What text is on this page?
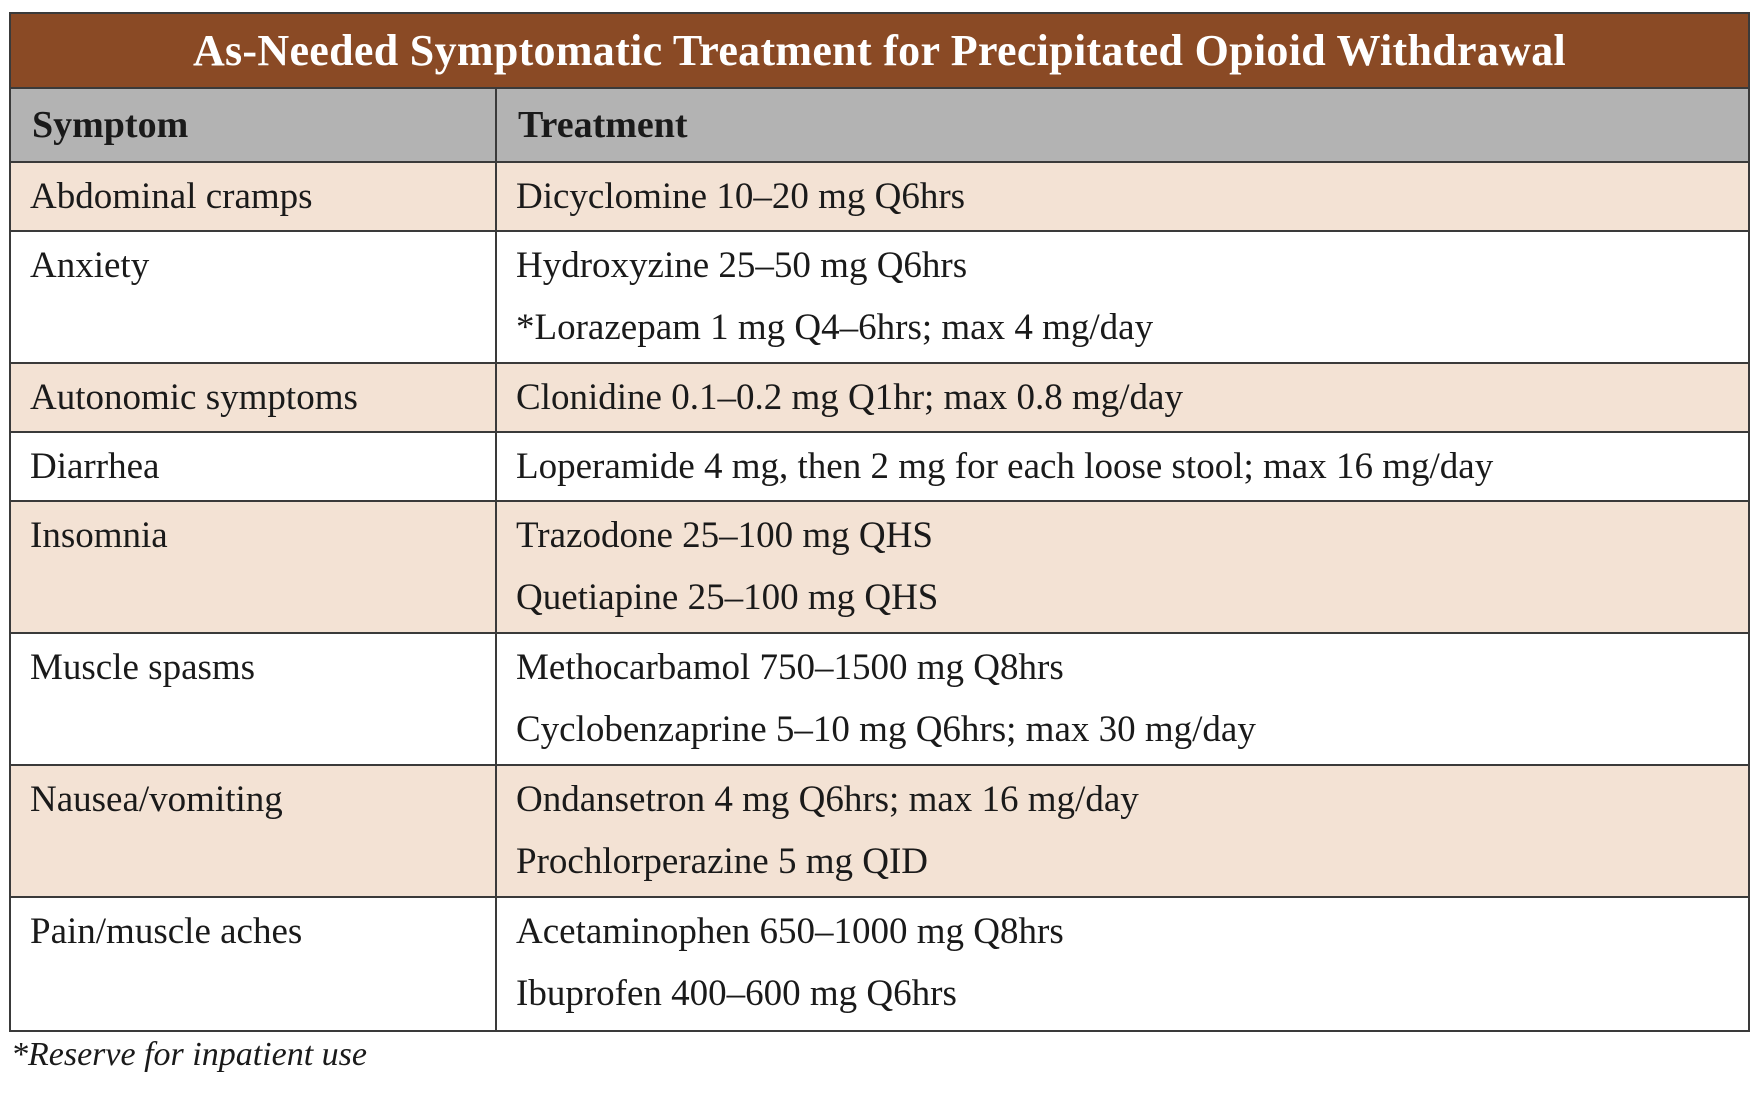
As-Needed Symptomatic Treatment for Precipitated Opioid Withdrawal
Symptom	Treatment
Abdominal cramps	Dicyclomine 10–20 mg Q6hrs
Anxiety	Hydroxyzine 25–50 mg Q6hrs
*Lorazepam 1 mg Q4–6hrs; max 4 mg/day
Autonomic symptoms	Clonidine 0.1–0.2 mg Q1hr; max 0.8 mg/day
Diarrhea	Loperamide 4 mg, then 2 mg for each loose stool; max 16 mg/day
Insomnia	Trazodone 25–100 mg QHS
Quetiapine 25–100 mg QHS
Muscle spasms	Methocarbamol 750–1500 mg Q8hrs
Cyclobenzaprine 5–10 mg Q6hrs; max 30 mg/day
Nausea/vomiting	Ondansetron 4 mg Q6hrs; max 16 mg/day
Prochlorperazine 5 mg QID
Pain/muscle aches	Acetaminophen 650–1000 mg Q8hrs
Ibuprofen 400–600 mg Q6hrs
*Reserve for inpatient use
